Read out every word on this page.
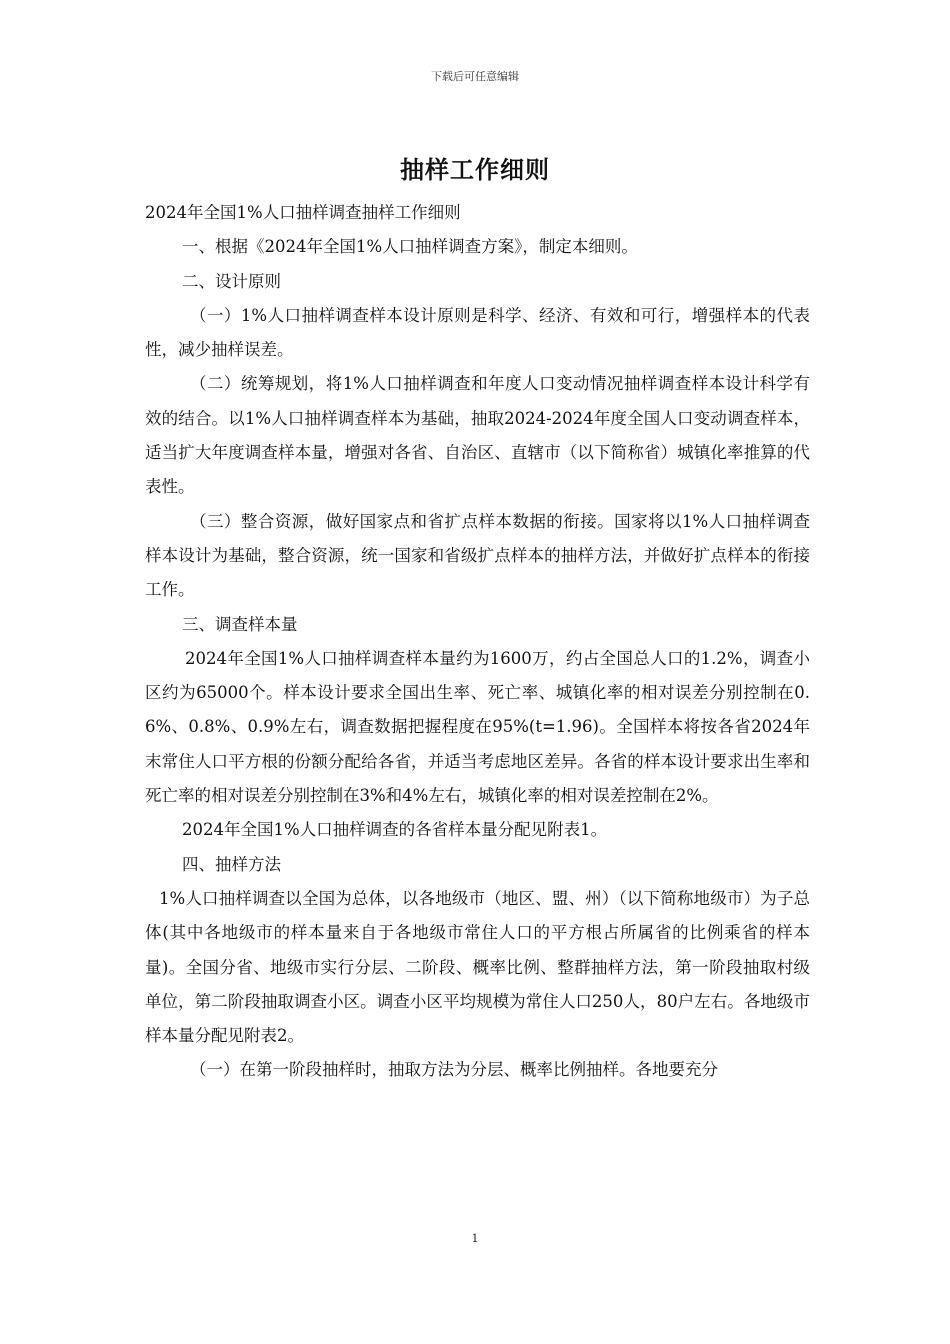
下载后可任意编辑
抽样工作细则

2024年全国1%人口抽样调查抽样工作细则

一、根据《2024年全国1%人口抽样调查方案》，制定本细则。

二、设计原则

（一）1%人口抽样调查样本设计原则是科学、经济、有效和可行，增强样本的代表性，减少抽样误差。

（二）统筹规划，将1%人口抽样调查和年度人口变动情况抽样调查样本设计科学有效的结合。以1%人口抽样调查样本为基础，抽取2024-2024年度全国人口变动调查样本，适当扩大年度调查样本量，增强对各省、自治区、直辖市（以下简称省）城镇化率推算的代表性。

（三）整合资源，做好国家点和省扩点样本数据的衔接。国家将以1%人口抽样调查样本设计为基础，整合资源，统一国家和省级扩点样本的抽样方法，并做好扩点样本的衔接工作。

三、调查样本量

2024年全国1%人口抽样调查样本量约为1600万，约占全国总人口的1.2%，调查小区约为65000个。样本设计要求全国出生率、死亡率、城镇化率的相对误差分别控制在0.6%、0.8%、0.9%左右，调查数据把握程度在95%(t=1.96)。全国样本将按各省2024年末常住人口平方根的份额分配给各省，并适当考虑地区差异。各省的样本设计要求出生率和死亡率的相对误差分别控制在3%和4%左右，城镇化率的相对误差控制在2%。

2024年全国1%人口抽样调查的各省样本量分配见附表1。

四、抽样方法

1%人口抽样调查以全国为总体，以各地级市（地区、盟、州）（以下简称地级市）为子总体(其中各地级市的样本量来自于各地级市常住人口的平方根占所属省的比例乘省的样本量)。全国分省、地级市实行分层、二阶段、概率比例、整群抽样方法，第一阶段抽取村级单位，第二阶段抽取调查小区。调查小区平均规模为常住人口250人，80户左右。各地级市样本量分配见附表2。

（一）在第一阶段抽样时，抽取方法为分层、概率比例抽样。各地要充分

1
